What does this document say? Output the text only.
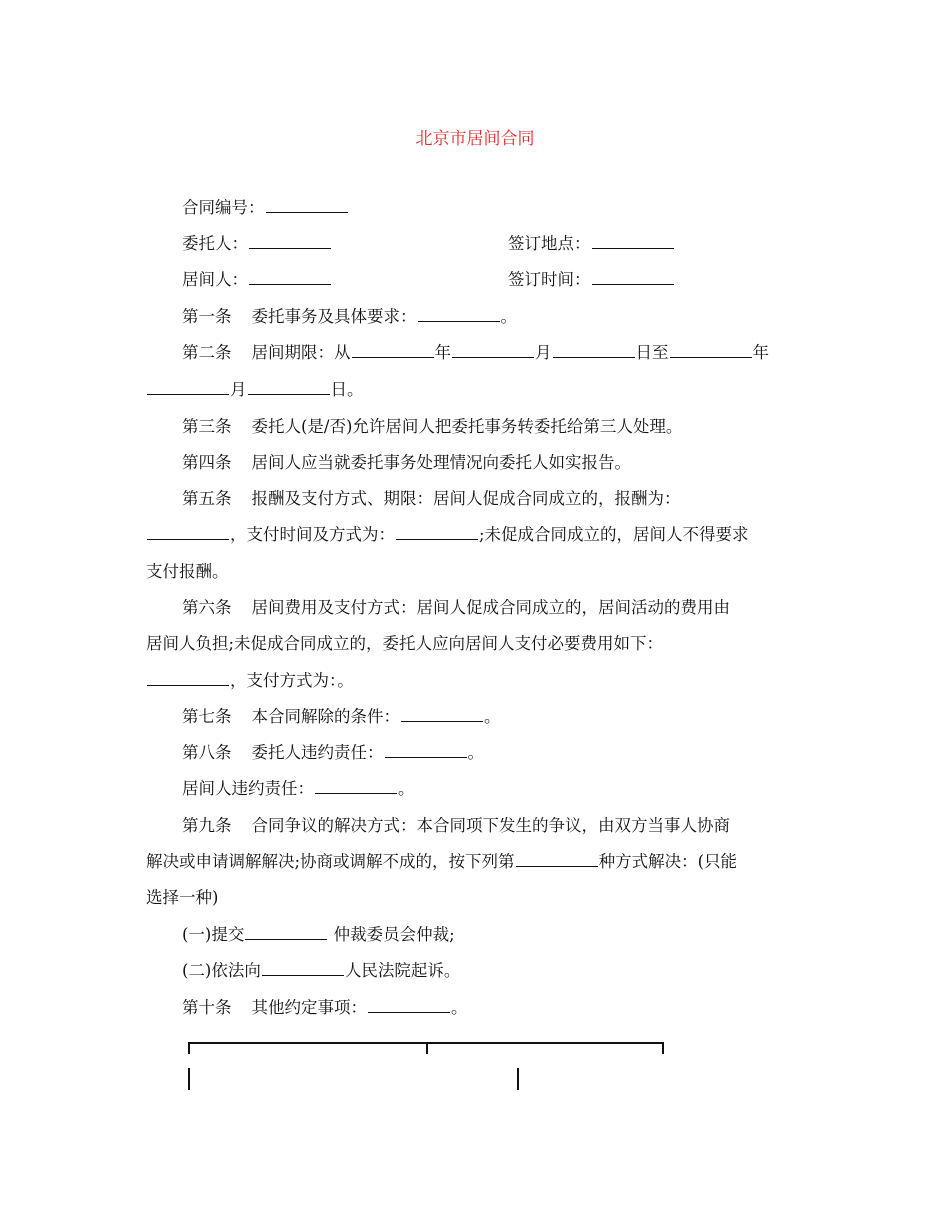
北京市居间合同
合同编号：
委托人：	签订地点：
居间人：	签订时间：
第一条 委托事务及具体要求：	。
第二条 居间期限：从	年	月	日至	年
月	日。
第三条 委托人(是/否)允许居间人把委托事务转委托给第三人处理。
第四条 居间人应当就委托事务处理情况向委托人如实报告。
第五条 报酬及支付方式、期限：居间人促成合同成立的，报酬为：
，支付时间及方式为：	;未促成合同成立的，居间人不得要求
支付报酬。
第六条 居间费用及支付方式：居间人促成合同成立的，居间活动的费用由
居间人负担;未促成合同成立的，委托人应向居间人支付必要费用如下：
，支付方式为：。
第七条 本合同解除的条件：	。
第八条 委托人违约责任：	。
居间人违约责任：	。
第九条 合同争议的解决方式：本合同项下发生的争议，由双方当事人协商
解决或申请调解解决;协商或调解不成的，按下列第	种方式解决：(只能
选择一种)
(一)提交	仲裁委员会仲裁;
(二)依法向	人民法院起诉。
第十条 其他约定事项：	。
